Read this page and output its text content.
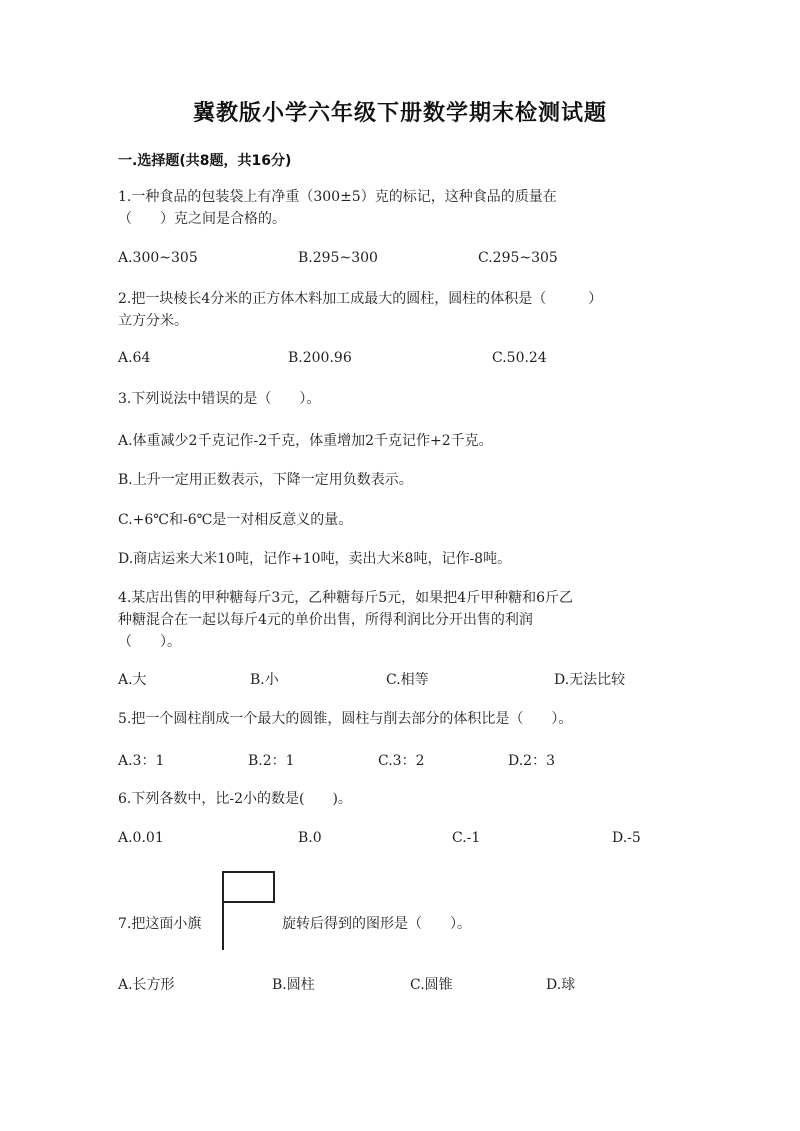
冀教版小学六年级下册数学期末检测试题
一.选择题(共8题，共16分)
1.一种食品的包装袋上有净重（300±5）克的标记，这种食品的质量在
（　　）克之间是合格的。
A.300~305	B.295~300	C.295~305
2.把一块棱长4分米的正方体木料加工成最大的圆柱，圆柱的体积是（　　　）
立方分米。
A.64	B.200.96	C.50.24
3.下列说法中错误的是（　　）。
A.体重减少2千克记作-2千克，体重增加2千克记作+2千克。
B.上升一定用正数表示，下降一定用负数表示。
C.+6℃和-6℃是一对相反意义的量。
D.商店运来大米10吨，记作+10吨，卖出大米8吨，记作-8吨。
4.某店出售的甲种糖每斤3元，乙种糖每斤5元，如果把4斤甲种糖和6斤乙
种糖混合在一起以每斤4元的单价出售，所得利润比分开出售的利润
（　　）。
A.大	B.小	C.相等	D.无法比较
5.把一个圆柱削成一个最大的圆锥，圆柱与削去部分的体积比是（　　）。
A.3：1	B.2：1	C.3：2	D.2：3
6.下列各数中，比-2小的数是(　　)。
A.0.01	B.0	C.-1	D.-5
7.把这面小旗	旋转后得到的图形是（　　）。
A.长方形	B.圆柱	C.圆锥	D.球
